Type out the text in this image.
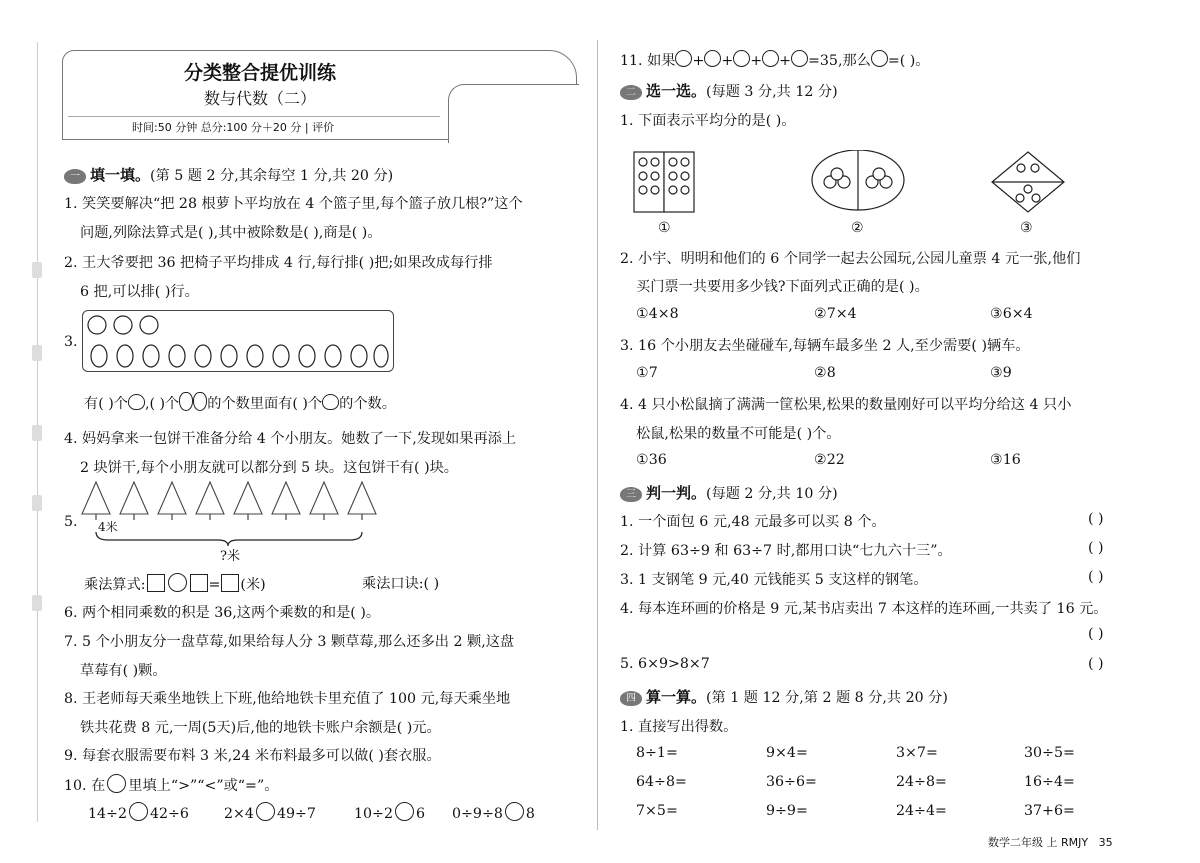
分类整合提优训练
数与代数（二）
时间:50 分钟 总分:100 分＋20 分 | 评价
一 填一填。(第 5 题 2 分,其余每空 1 分,共 20 分)
1. 笑笑要解决“把 28 根萝卜平均放在 4 个篮子里,每个篮子放几根?”这个
问题,列除法算式是( ),其中被除数是( ),商是( )。
2. 王大爷要把 36 把椅子平均排成 4 行,每行排( )把;如果改成每行排
6 把,可以排( )行。
3.
有( )个 ,( )个 的个数里面有( )个 的个数。
4. 妈妈拿来一包饼干准备分给 4 个小朋友。她数了一下,发现如果再添上
2 块饼干,每个小朋友就可以都分到 5 块。这包饼干有( )块。
5. 4米
?米
乘法算式:	= (米)	乘法口诀:( )
6. 两个相同乘数的积是 36,这两个乘数的和是( )。
7. 5 个小朋友分一盘草莓,如果给每人分 3 颗草莓,那么还多出 2 颗,这盘
草莓有( )颗。
8. 王老师每天乘坐地铁上下班,他给地铁卡里充值了 100 元,每天乘坐地
铁共花费 8 元,一周(5天)后,他的地铁卡账户余额是( )元。
9. 每套衣服需要布料 3 米,24 米布料最多可以做( )套衣服。
10. 在 里填上“>”“<”或“=”。
14÷2 42÷6 2×4 49÷7	10÷2 6 0÷9÷8 8
11. 如果 + + + + =35,那么 =( )。
二 选一选。(每题 3 分,共 12 分)
1. 下面表示平均分的是( )。
①	②	③
2. 小宇、明明和他们的 6 个同学一起去公园玩,公园儿童票 4 元一张,他们
买门票一共要用多少钱?下面列式正确的是( )。
①4×8	②7×4	③6×4
3. 16 个小朋友去坐碰碰车,每辆车最多坐 2 人,至少需要( )辆车。
①7	②8	③9
4. 4 只小松鼠摘了满满一筐松果,松果的数量刚好可以平均分给这 4 只小
松鼠,松果的数量不可能是( )个。
①36	②22	③16
三 判一判。(每题 2 分,共 10 分)
1. 一个面包 6 元,48 元最多可以买 8 个。	( )
2. 计算 63÷9 和 63÷7 时,都用口诀“七九六十三”。	( )
3. 1 支钢笔 9 元,40 元钱能买 5 支这样的钢笔。	( )
4. 每本连环画的价格是 9 元,某书店卖出 7 本这样的连环画,一共卖了 16 元。
( )
5. 6×9>8×7	( )
四 算一算。(第 1 题 12 分,第 2 题 8 分,共 20 分)
1. 直接写出得数。
8÷1=	9×4=	3×7=	30÷5=
64÷8=	36÷6=	24÷8=	16÷4=
7×5=	9÷9=	24÷4=	37+6=
数学二年级 上 RMJY 35
